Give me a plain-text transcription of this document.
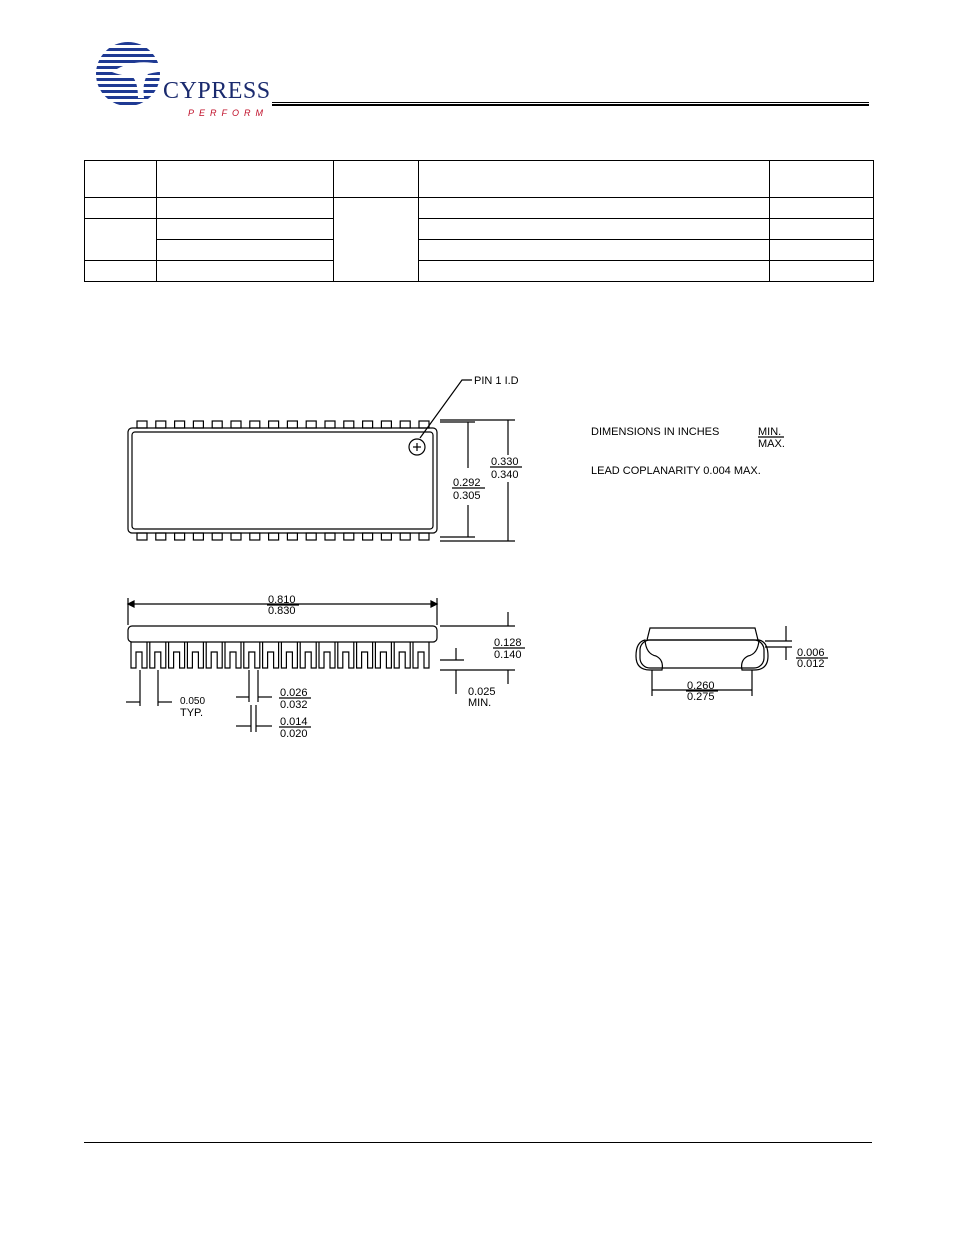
CYPRESS
PERFORM

PIN 1 I.D
0.292
0.305
0.330
0.340
DIMENSIONS IN INCHES	MIN.
MAX.
LEAD COPLANARITY 0.004 MAX.
0.810
0.830
0.128
0.140
0.025
MIN.
0.050
TYP.
0.026
0.032
0.014
0.020
0.260
0.275
0.006
0.012
